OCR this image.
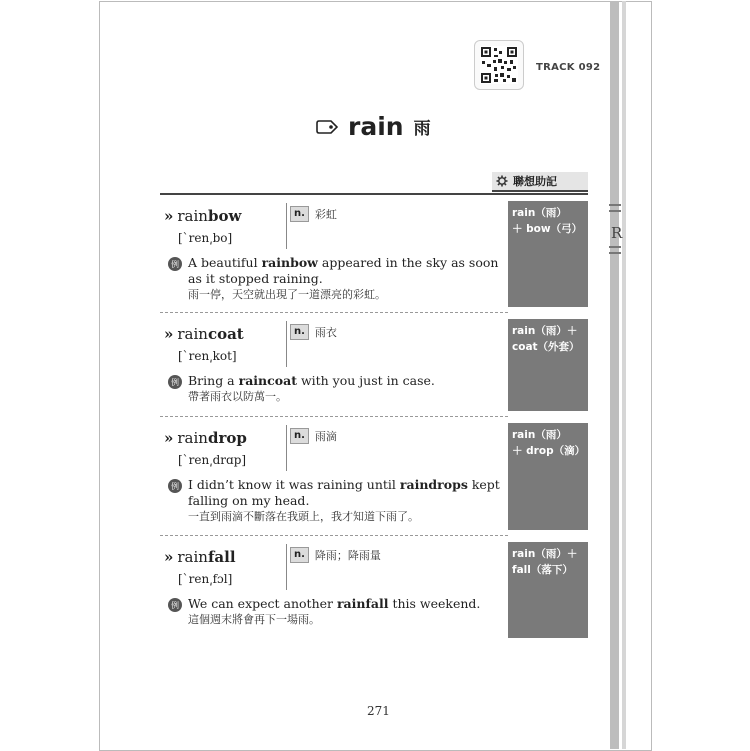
R
TRACK 092
rain 雨
聯想助記
» rainbow
[ˋren͵bo]
n. 彩虹
例 A beautiful rainbow appeared in the sky as soon as it stopped raining.
雨一停，天空就出現了一道漂亮的彩虹。
rain（雨）
＋ bow（弓）
» raincoat
[ˋren͵kot]
n. 雨衣
例 Bring a raincoat with you just in case.
帶著雨衣以防萬一。
rain（雨）＋
coat（外套）
» raindrop
[ˋren͵drɑp]
n. 雨滴
例 I didn’t know it was raining until raindrops kept falling on my head.
一直到雨滴不斷落在我頭上，我才知道下雨了。
rain（雨）
＋ drop（滴）
» rainfall
[ˋren͵fɔl]
n. 降雨；降雨量
例 We can expect another rainfall this weekend.
這個週末將會再下一場雨。
rain（雨）＋
fall（落下）
271
